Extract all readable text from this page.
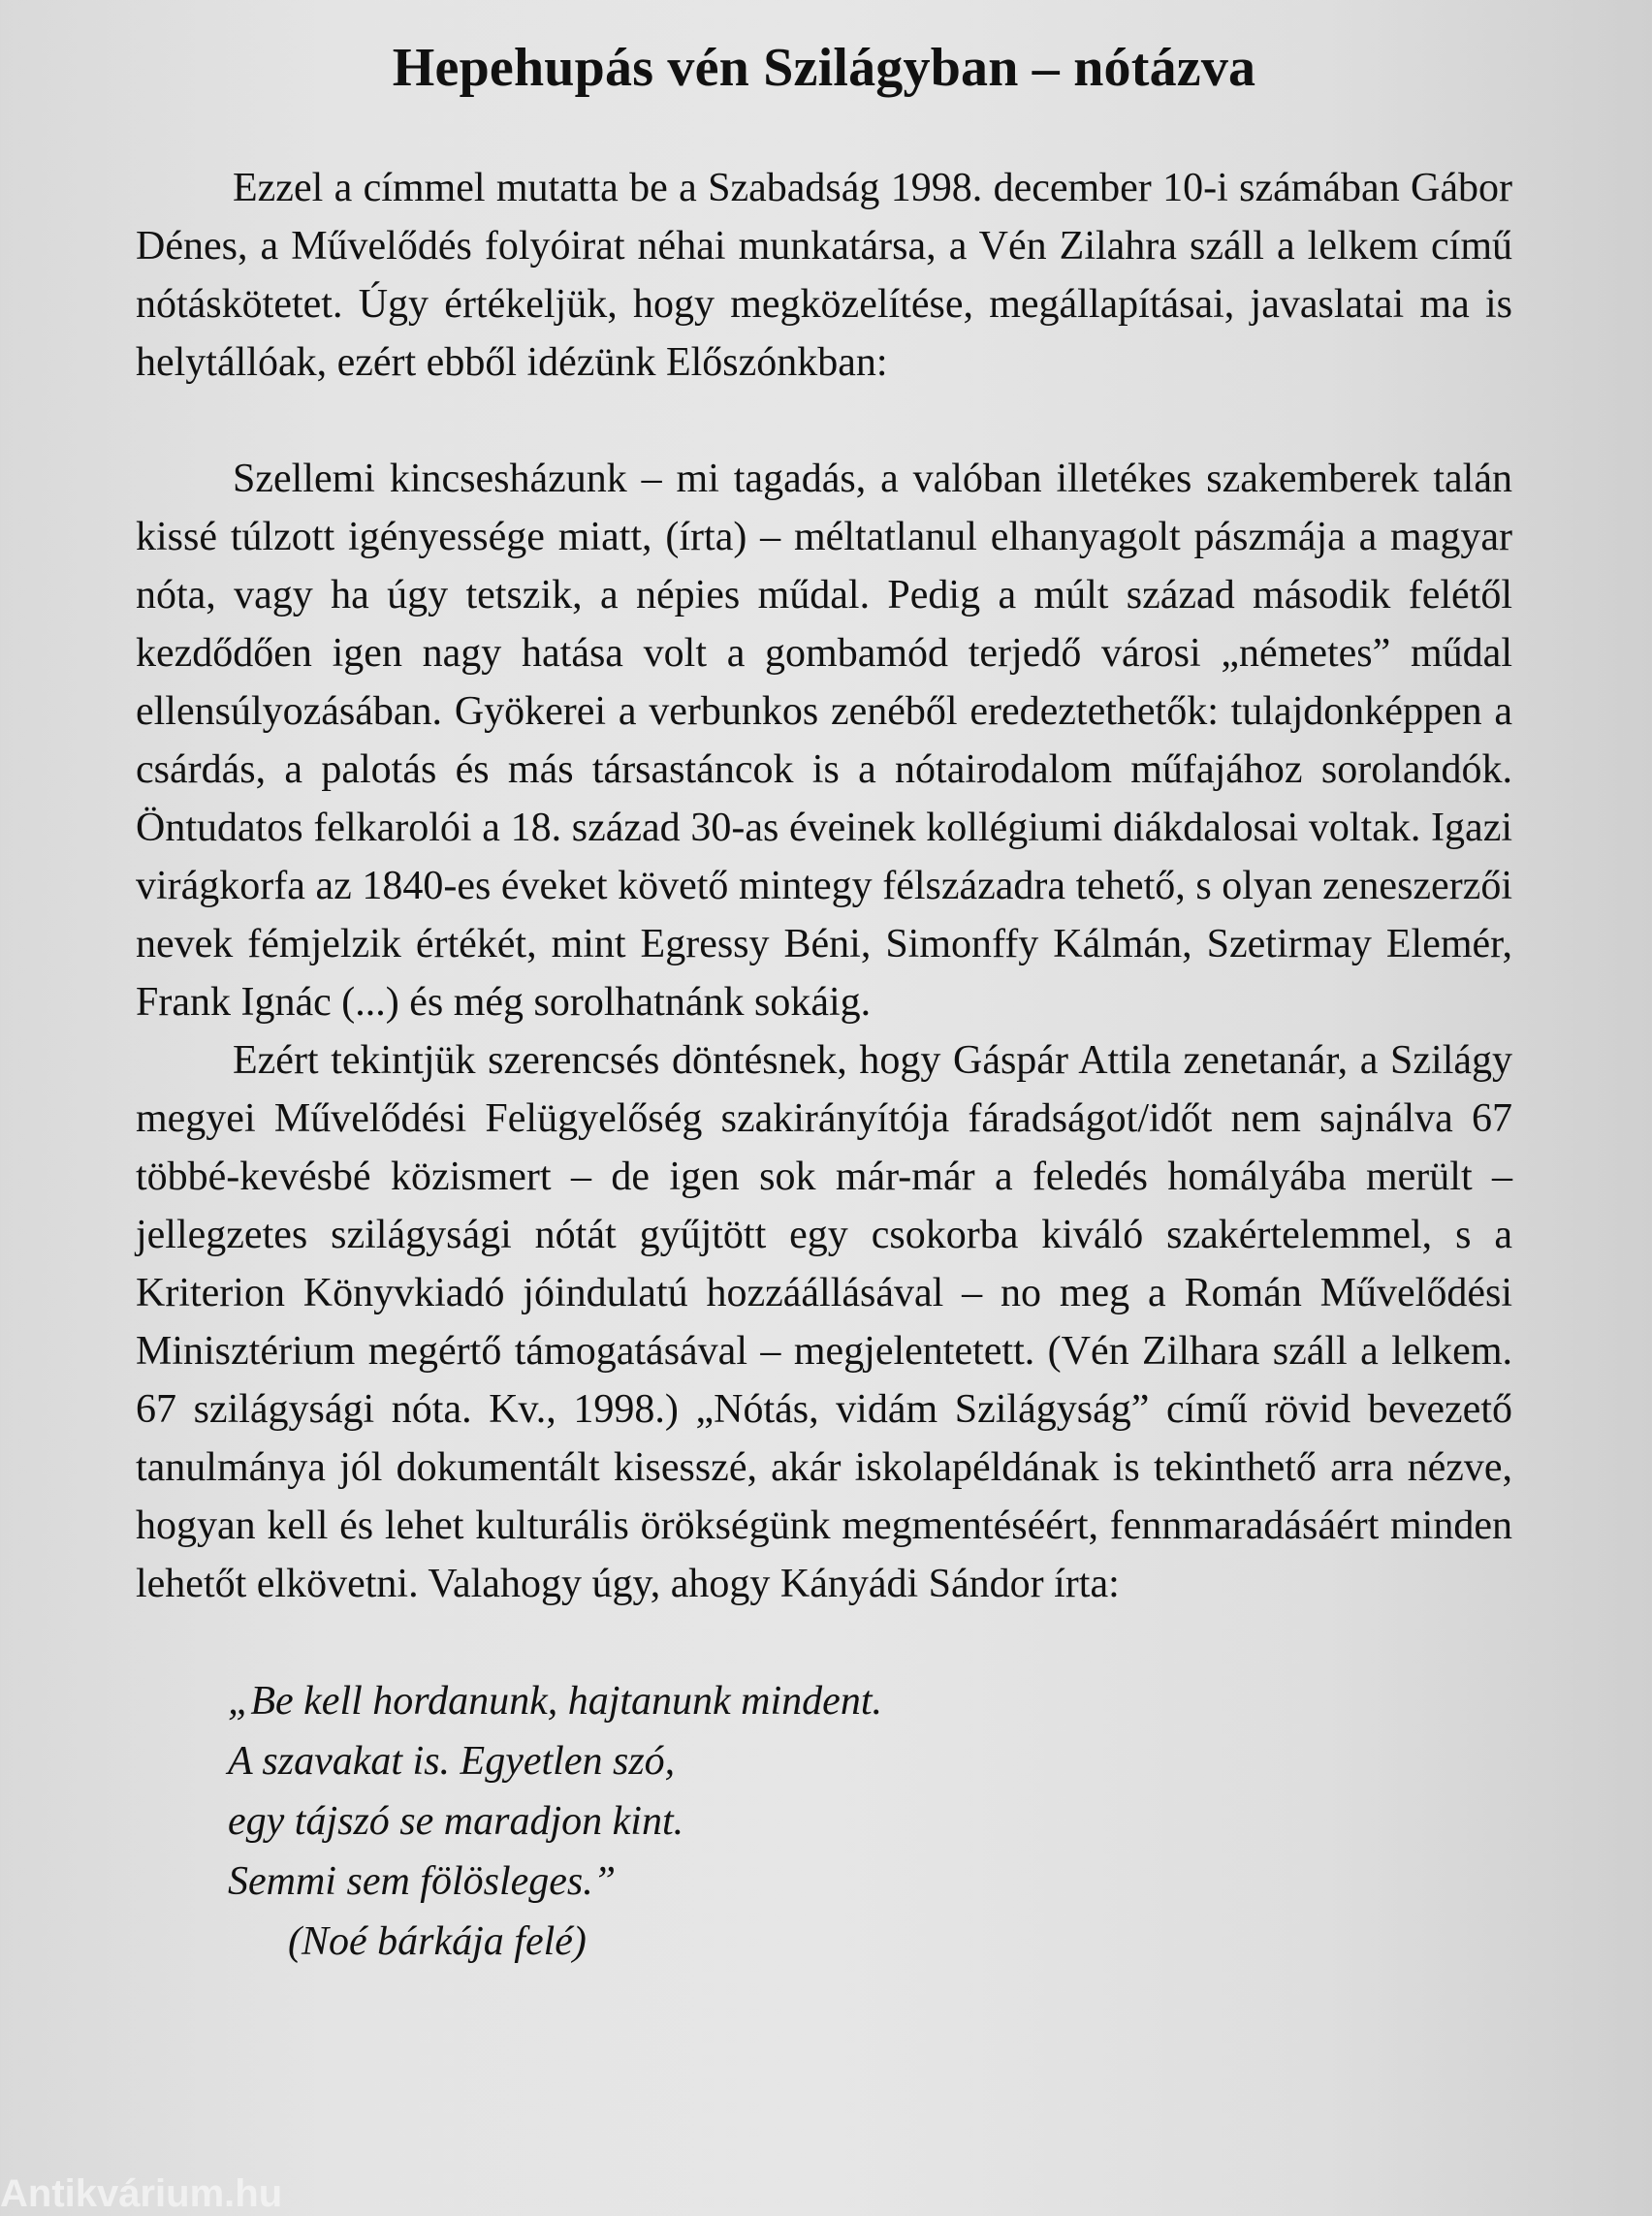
Hepehupás vén Szilágyban – nótázva

Ezzel a címmel mutatta be a Szabadság 1998. december 10-i számában Gábor Dénes, a Művelődés folyóirat néhai munkatársa, a Vén Zilahra száll a lelkem című nótáskötetet. Úgy értékeljük, hogy megközelítése, megállapításai, javaslatai ma is helytállóak, ezért ebből idézünk Előszónkban:

Szellemi kincsesházunk – mi tagadás, a valóban illetékes szakemberek talán kissé túlzott igényessége miatt, (írta) – méltatlanul elhanyagolt pászmája a magyar nóta, vagy ha úgy tetszik, a népies műdal. Pedig a múlt század második felétől kezdődően igen nagy hatása volt a gombamód terjedő városi „németes” műdal ellensúlyozásában. Gyökerei a verbunkos zenéből eredeztethetők: tulajdonképpen a csárdás, a palotás és más társastáncok is a nótairodalom műfajához sorolandók. Öntudatos felkarolói a 18. század 30-as éveinek kollégiumi diákdalosai voltak. Igazi virágkorfa az 1840-es éveket követő mintegy félszázadra tehető, s olyan zeneszerzői nevek fémjelzik értékét, mint Egressy Béni, Simonffy Kálmán, Szetirmay Elemér, Frank Ignác (...) és még sorolhatnánk sokáig.

Ezért tekintjük szerencsés döntésnek, hogy Gáspár Attila zenetanár, a Szilágy megyei Művelődési Felügyelőség szakirányítója fáradságot/időt nem sajnálva 67 többé-kevésbé közismert – de igen sok már-már a feledés homályába merült – jellegzetes szilágysági nótát gyűjtött egy csokorba kiváló szakértelemmel, s a Kriterion Könyvkiadó jóindulatú hozzáállásával – no meg a Román Művelődési Minisztérium megértő támogatásával – megjelentetett. (Vén Zilhara száll a lelkem. 67 szilágysági nóta. Kv., 1998.) „Nótás, vidám Szilágyság” című rövid bevezető tanulmánya jól dokumentált kisesszé, akár iskolapéldának is tekinthető arra nézve, hogyan kell és lehet kulturális örökségünk megmentéséért, fennmaradásáért minden lehetőt elkövetni. Valahogy úgy, ahogy Kányádi Sándor írta:

„Be kell hordanunk, hajtanunk mindent.
A szavakat is. Egyetlen szó,
egy tájszó se maradjon kint.
Semmi sem fölösleges.”
(Noé bárkája felé)
Antikvárium.hu
